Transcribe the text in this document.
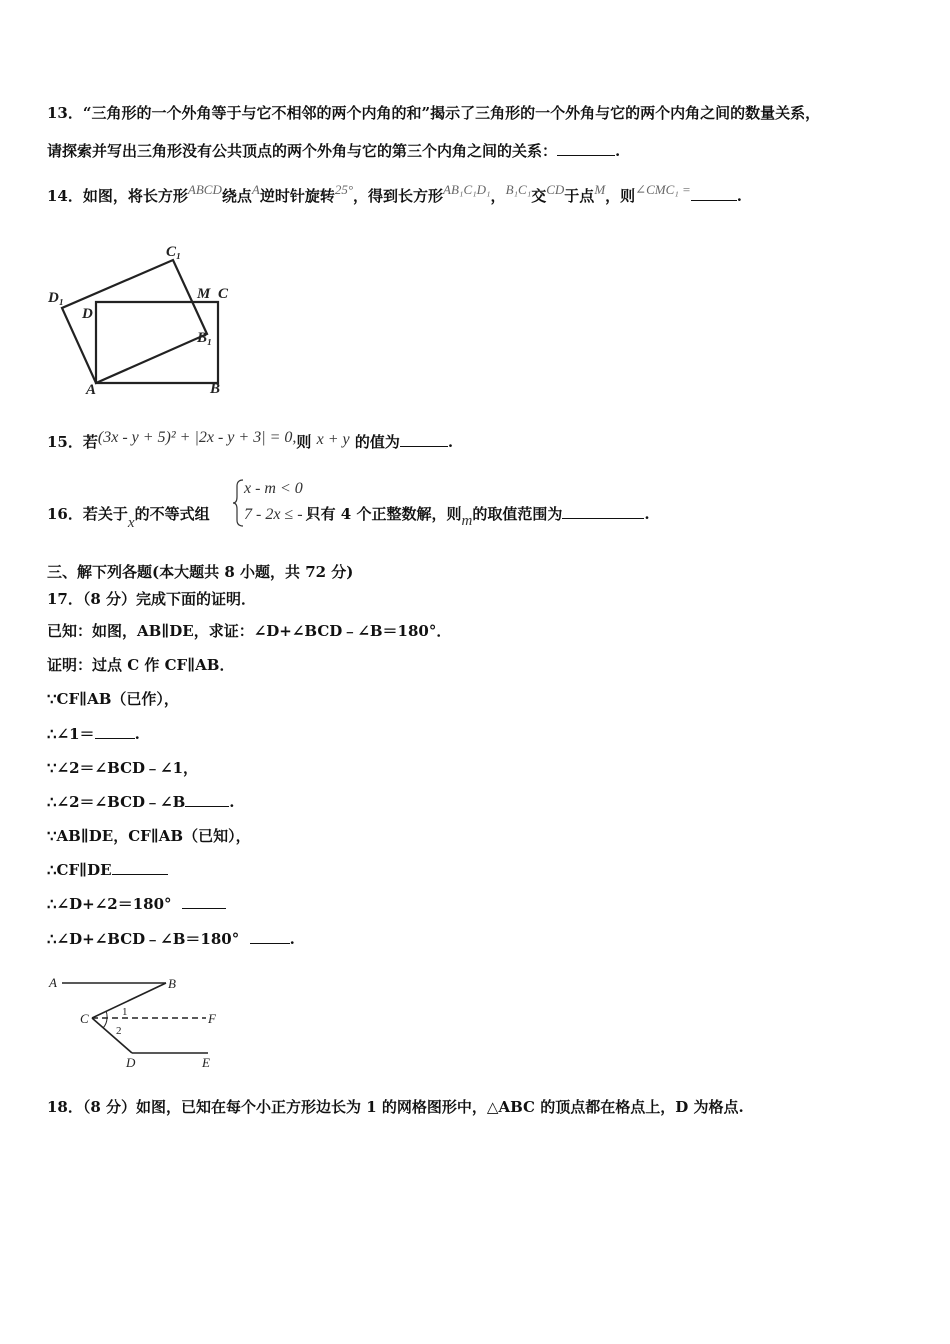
13．“三角形的一个外角等于与它不相邻的两个内角的和”揭示了三角形的一个外角与它的两个内角之间的数量关系，
请探索并写出三角形没有公共顶点的两个外角与它的第三个内角之间的关系：	.
14．如图，将长方形ABCD绕点A逆时针旋转25°，得到长方形AB₁C₁D₁，B₁C₁交CD于点M，则∠CMC₁ =	.
C₁
D₁	M C
D
B₁
A	B
15．若(3x - y + 5)² + |2x - y + 3| = 0,则 x + y 的值为	.
16．若关于x的不等式组	只有 4 个正整数解，则m的取值范围为	.
x - m < 0
7 - 2x ≤ - 1
三、解下列各题(本大题共 8 小题，共 72 分)
17．（8 分）完成下面的证明．
已知：如图，AB∥DE，求证：∠D+∠BCD﹣∠B＝180°．
证明：过点 C 作 CF∥AB．
∵CF∥AB（已作），
∴∠1＝	.
∵∠2＝∠BCD﹣∠1，
∴∠2＝∠BCD﹣∠B	.
∵AB∥DE，CF∥AB（已知），
∴CF∥DE
∴∠D+∠2＝180°
∴∠D+∠BCD﹣∠B＝180°	.
A	B
C	F
D	E
1
2
18．（8 分）如图，已知在每个小正方形边长为 1 的网格图形中，△ABC 的顶点都在格点上，D 为格点.
